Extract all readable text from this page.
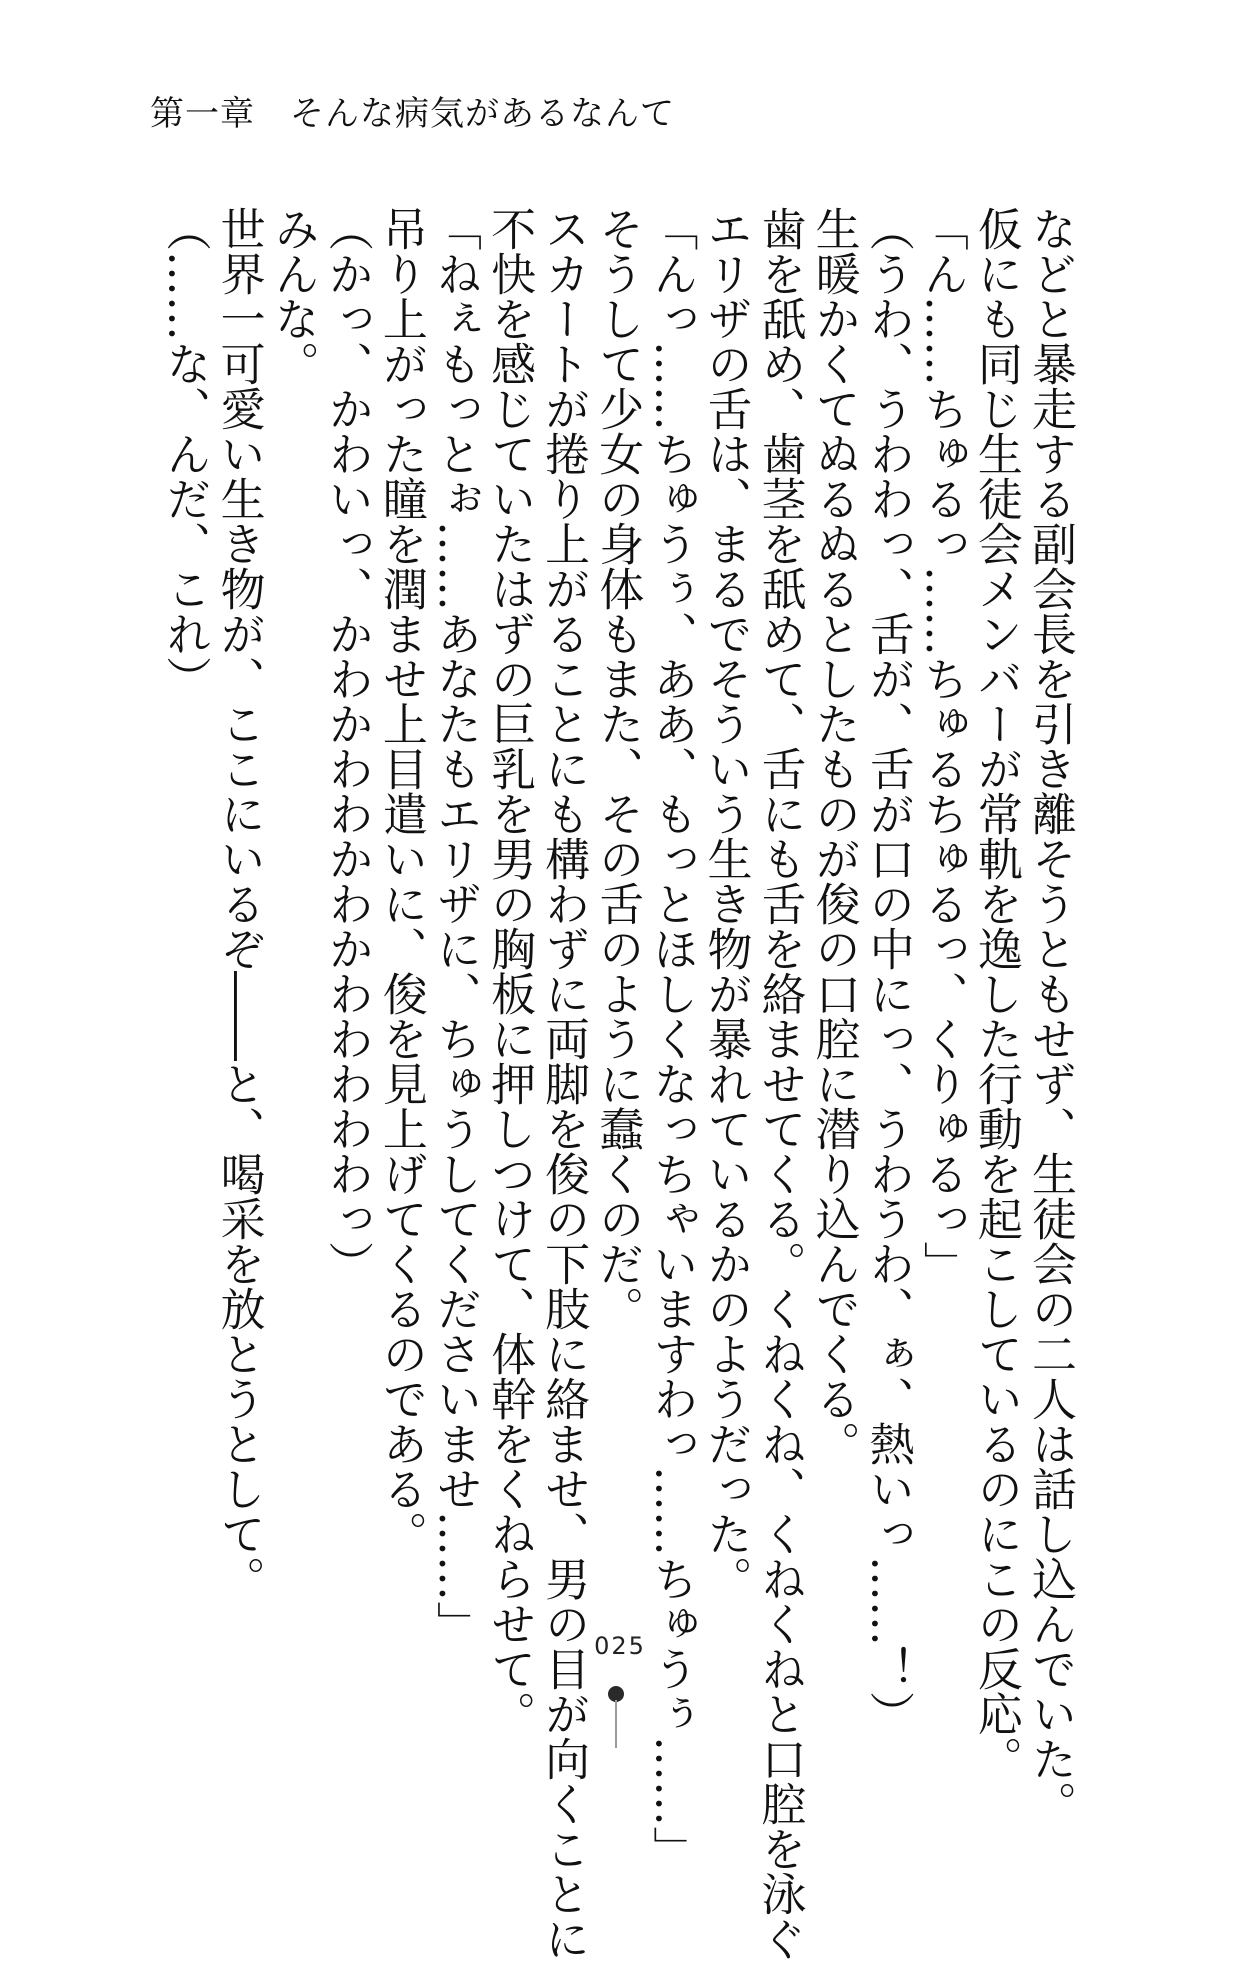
第一章　そんな病気があるなんて
などと暴走する副会長を引き離そうともせず、生徒会の二人は話し込んでいた。
仮にも同じ生徒会メンバーが常軌を逸した行動を起こしているのにこの反応。
「ん……ちゅるっ……ちゅるちゅるっ、くりゅるっ」
（うわ、うわわっ、舌が、舌が口の中にっ、うわうわ、ぁ、熱いっ……！）
生暖かくてぬるぬるとしたものが俊の口腔に潜り込んでくる。
歯を舐め、歯茎を舐めて、舌にも舌を絡ませてくる。くねくね、くねくねと口腔を泳ぐ
エリザの舌は、まるでそういう生き物が暴れているかのようだった。
「んっ……ちゅうぅ、ああ、もっとほしくなっちゃいますわっ……ちゅうぅ……」
そうして少女の身体もまた、その舌のように蠢くのだ。
スカートが捲り上がることにも構わずに両脚を俊の下肢に絡ませ、男の目が向くことに
不快を感じていたはずの巨乳を男の胸板に押しつけて、体幹をくねらせて。
「ねぇもっとぉ……あなたもエリザに、ちゅうしてくださいませ……」
吊り上がった瞳を潤ませ上目遣いに、俊を見上げてくるのである。
（かっ、かわいっ、かわかわわかわかわわわわわっ）
みんな。
世界一可愛い生き物が、ここにいるぞ――と、喝采を放とうとして。
（……な、んだ、これ）
025
